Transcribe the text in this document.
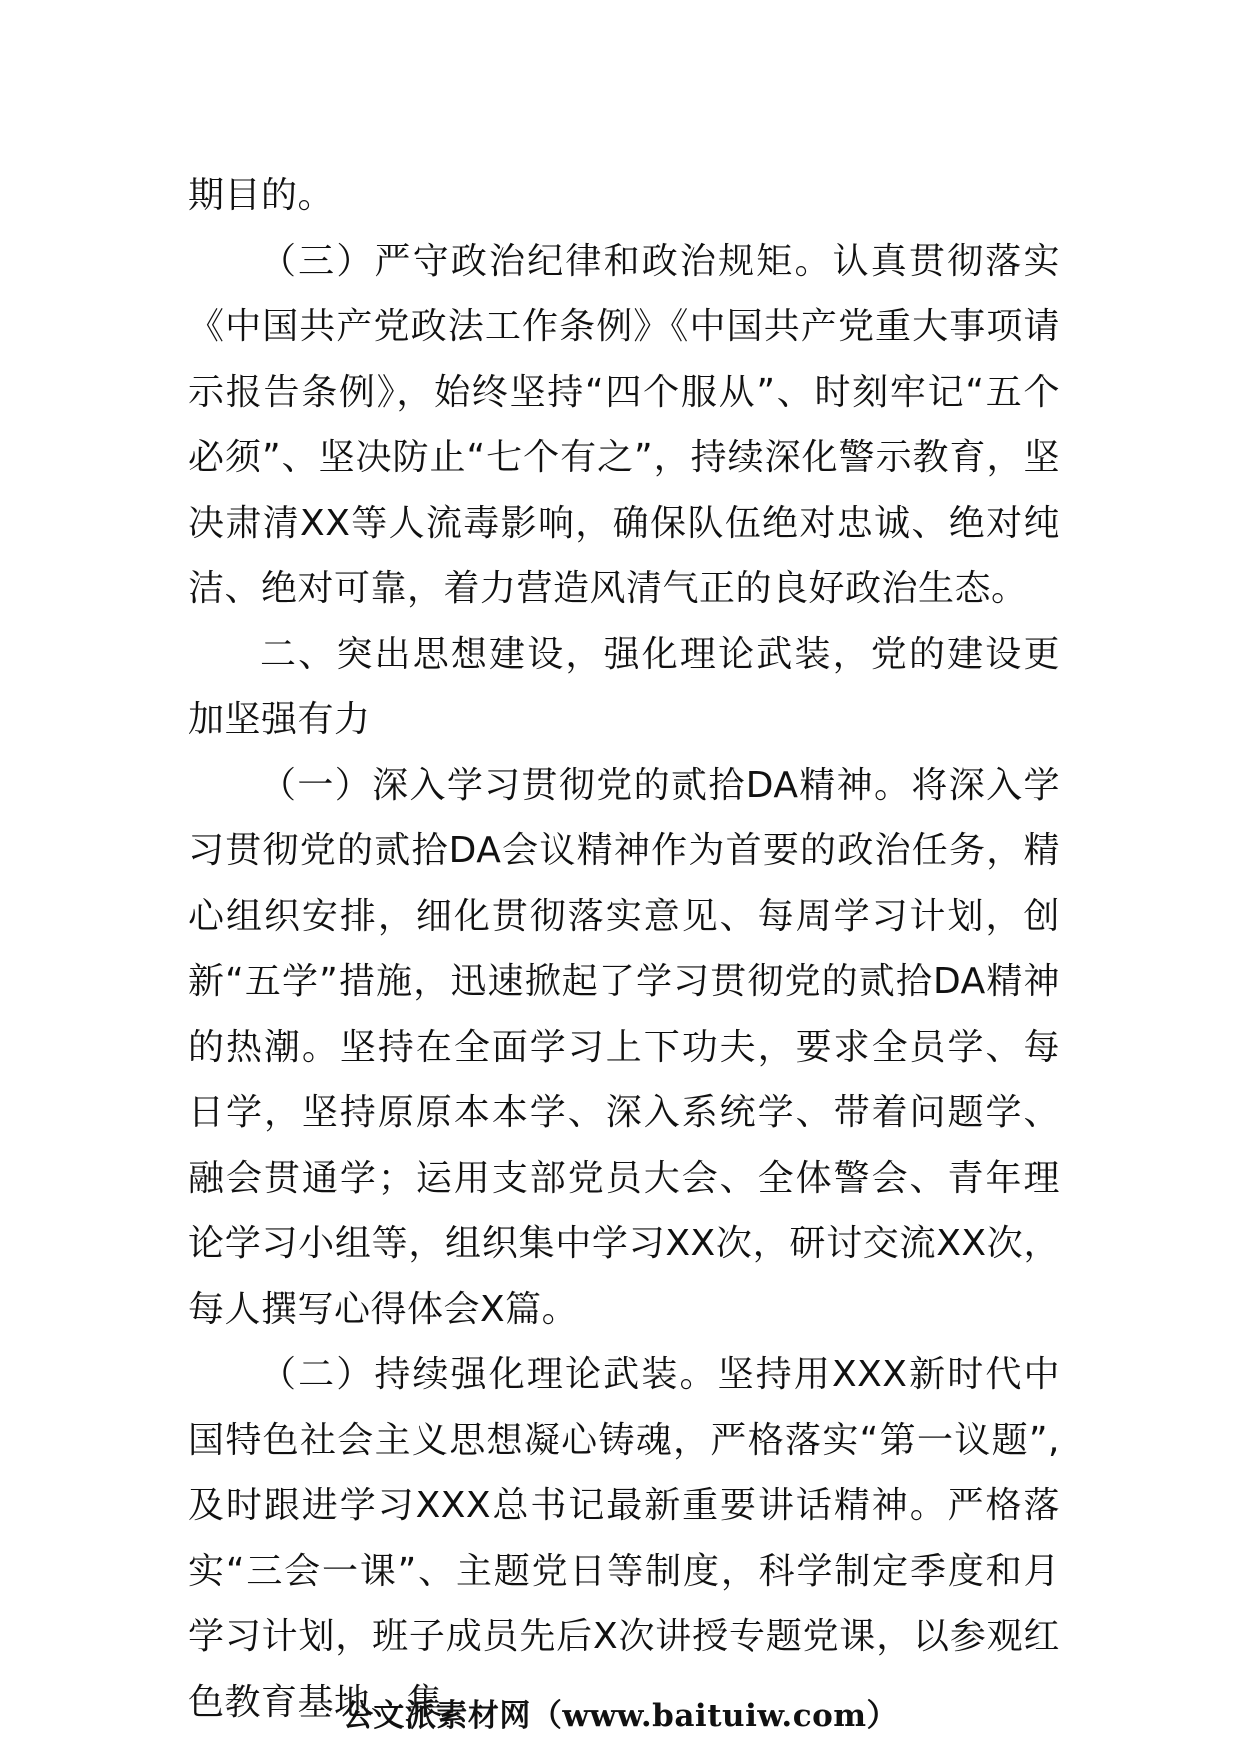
期目的。

（三）严守政治纪律和政治规矩。认真贯彻落实《中国共产党政法工作条例》《中国共产党重大事项请示报告条例》，始终坚持“四个服从”、时刻牢记“五个必须”、坚决防止“七个有之”，持续深化警示教育，坚决肃清XX等人流毒影响，确保队伍绝对忠诚、绝对纯洁、绝对可靠，着力营造风清气正的良好政治生态。

二、突出思想建设，强化理论武装，党的建设更加坚强有力

（一）深入学习贯彻党的贰拾DA精神。将深入学习贯彻党的贰拾DA会议精神作为首要的政治任务，精心组织安排，细化贯彻落实意见、每周学习计划，创新“五学”措施，迅速掀起了学习贯彻党的贰拾DA精神的热潮。坚持在全面学习上下功夫，要求全员学、每日学，坚持原原本本学、深入系统学、带着问题学、融会贯通学；运用支部党员大会、全体警会、青年理论学习小组等，组织集中学习XX次，研讨交流XX次，每人撰写心得体会X篇。

（二）持续强化理论武装。坚持用XXX新时代中国特色社会主义思想凝心铸魂，严格落实“第一议题”,及时跟进学习XXX总书记最新重要讲话精神。严格落实“三会一课”、主题党日等制度，科学制定季度和月学习计划，班子成员先后X次讲授专题党课，以参观红色教育基地、集

公文派素材网（www.baituiw.com）
